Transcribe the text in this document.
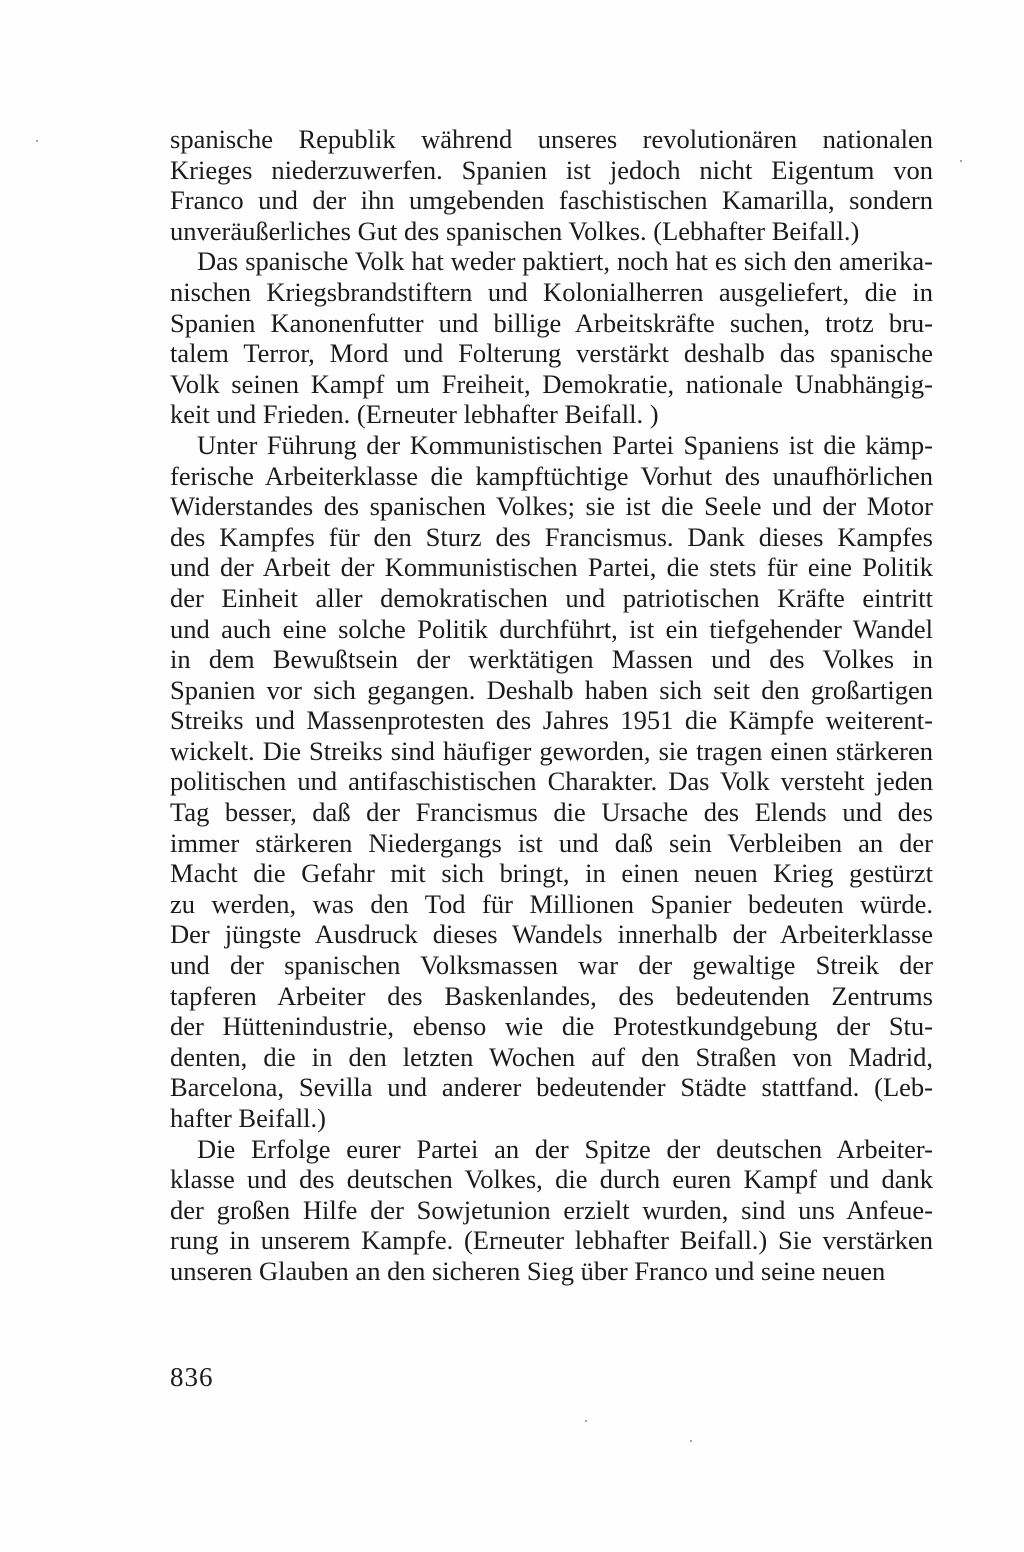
spanische Republik während unseres revolutionären nationalen
Krieges niederzuwerfen. Spanien ist jedoch nicht Eigentum von
Franco und der ihn umgebenden faschistischen Kamarilla, sondern
unveräußerliches Gut des spanischen Volkes. (Lebhafter Beifall.)
Das spanische Volk hat weder paktiert, noch hat es sich den amerika-
nischen Kriegsbrandstiftern und Kolonialherren ausgeliefert, die in
Spanien Kanonenfutter und billige Arbeitskräfte suchen, trotz bru-
talem Terror, Mord und Folterung verstärkt deshalb das spanische
Volk seinen Kampf um Freiheit, Demokratie, nationale Unabhängig-
keit und Frieden. (Erneuter lebhafter Beifall. )
Unter Führung der Kommunistischen Partei Spaniens ist die kämp-
ferische Arbeiterklasse die kampftüchtige Vorhut des unaufhörlichen
Widerstandes des spanischen Volkes; sie ist die Seele und der Motor
des Kampfes für den Sturz des Francismus. Dank dieses Kampfes
und der Arbeit der Kommunistischen Partei, die stets für eine Politik
der Einheit aller demokratischen und patriotischen Kräfte eintritt
und auch eine solche Politik durchführt, ist ein tiefgehender Wandel
in dem Bewußtsein der werktätigen Massen und des Volkes in
Spanien vor sich gegangen. Deshalb haben sich seit den großartigen
Streiks und Massenprotesten des Jahres 1951 die Kämpfe weiterent-
wickelt. Die Streiks sind häufiger geworden, sie tragen einen stärkeren
politischen und antifaschistischen Charakter. Das Volk versteht jeden
Tag besser, daß der Francismus die Ursache des Elends und des
immer stärkeren Niedergangs ist und daß sein Verbleiben an der
Macht die Gefahr mit sich bringt, in einen neuen Krieg gestürzt
zu werden, was den Tod für Millionen Spanier bedeuten würde.
Der jüngste Ausdruck dieses Wandels innerhalb der Arbeiterklasse
und der spanischen Volksmassen war der gewaltige Streik der
tapferen Arbeiter des Baskenlandes, des bedeutenden Zentrums
der Hüttenindustrie, ebenso wie die Protestkundgebung der Stu-
denten, die in den letzten Wochen auf den Straßen von Madrid,
Barcelona, Sevilla und anderer bedeutender Städte stattfand. (Leb-
hafter Beifall.)
Die Erfolge eurer Partei an der Spitze der deutschen Arbeiter-
klasse und des deutschen Volkes, die durch euren Kampf und dank
der großen Hilfe der Sowjetunion erzielt wurden, sind uns Anfeue-
rung in unserem Kampfe. (Erneuter lebhafter Beifall.) Sie verstärken
unseren Glauben an den sicheren Sieg über Franco und seine neuen
836
